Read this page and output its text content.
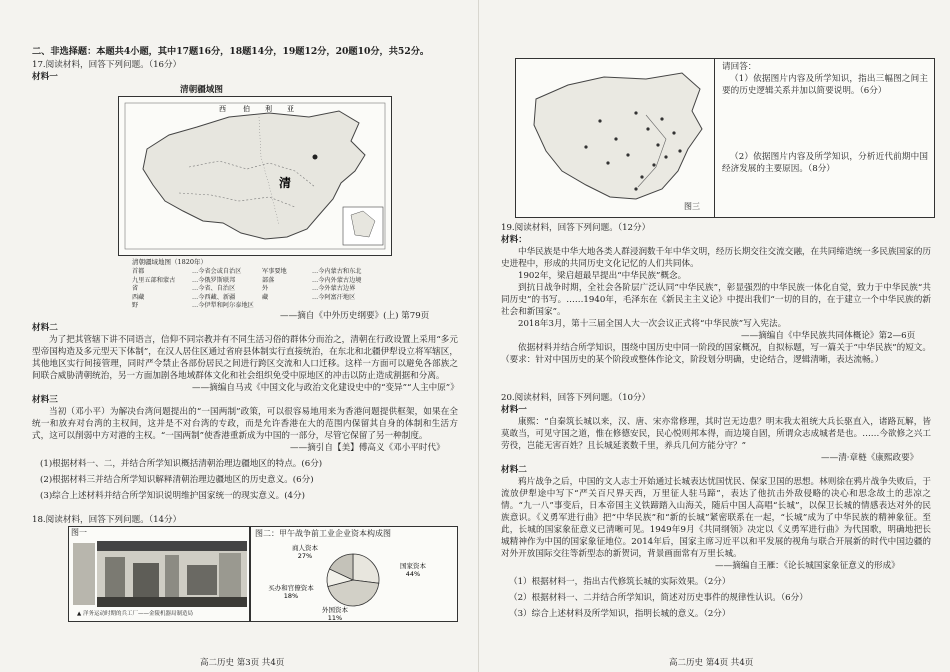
二、非选择题：本题共4小题，其中17题16分，18题14分，19题12分，20题10分，共52分。
17.阅读材料，回答下列问题。（16分）
材料一
西 伯 利 亚
清
清朝疆域图
清朝疆域地图（1820年）
首都	…今省会或自治区	军事要地	…今内蒙古和东北
九里五部和蒙古	…今俄罗斯联邦	部落	…今内外蒙古边境
省	…今省、自治区	外	…今外蒙古边界
西藏	…今西藏、新疆	藏	…今阿富汗地区
野	…今伊犁和阿尔泰地区
——摘自《中外历史纲要》(上) 第79页
材料二
为了把其管辖下讲不同语言，信仰不同宗教并有不同生活习俗的群体分而治之，清朝在行政设置上采用“多元型帝国构造及多元型天下体制”，在汉人居住区通过省府县体制实行直接统治，在东北和北疆伊犁设立将军辖区，其他地区实行间接管理，同时严令禁止各部份居民之间进行跨区交流和人口迁移。这样一方面可以避免各部族之间联合威胁清朝统治，另一方面加剧各地域群体文化和社会组织免受中原地区的冲击以防止造成割据和分离。
——摘编自马戎《中国文化与政治文化建设史中的“变异”“人主中原”》
材料三
当初（邓小平）为解决台湾问题提出的“一国两制”政策，可以很容易地用来为香港问题提供框架，如果在全统一和放弃对台湾的主权间，这并是不对台湾的专政，而是允许香港在大的范围内保留其自身的体制和生活方式，这可以削弱中方对港的主权。“一国两制”使香港重新成为中国的一部分，尽管它保留了另一种制度。
——摘引自【美】傅高义《邓小平时代》
(1)根据材料一、二，并结合所学知识概括清朝治理边疆地区的特点。(6分)
(2)根据材料三并结合所学知识解释清朝治理边疆地区的历史意义。(6分)
(3)综合上述材料并结合所学知识说明维护国家统一的现实意义。(4分)
18.阅读材料，回答下列问题。（14分）
图一
▲ 洋务运动时期的兵工厂——金陵机器局制造局
图二：甲午战争前工业企业资本构成图
商人资本
27%
国家资本
44%
外国资本
11%
买办和官僚资本
18%
高二历史 第3页 共4页
图三
请回答：
（1）依据图片内容及所学知识，指出三幅图之间主要的历史逻辑关系并加以简要说明。（6分）
（2）依据图片内容及所学知识，分析近代前期中国经济发展的主要原因。（8分）
19.阅读材料，回答下列问题。（12分）
材料：
中华民族是中华大地各类人群浸润数千年中华文明，经历长期交往交流交融，在共同缔造统一多民族国家的历史进程中，形成的共同历史文化记忆的人们共同体。
1902年，梁启超最早提出“中华民族”概念。
到抗日战争时期，全社会各阶层广泛认同“中华民族”，彰显强烈的中华民族一体化自觉，致力于中华民族“共同历史”的书写。……1940年，毛泽东在《新民主主义论》中提出我们“一切的目的，在于建立一个中华民族的新社会和新国家”。
2018年3月，第十三届全国人大一次会议正式将“中华民族”写入宪法。
——摘编自《中华民族共同体概论》第2—6页
依据材料并结合所学知识，围绕中国历史中同一阶段的国家概况，自拟标题，写一篇关于“中华民族”的短文。（要求：针对中国历史的某个阶段或整体作论文，阶段划分明确，史论结合，逻辑清晰，表达流畅。）
20.阅读材料，回答下列问题。（10分）
材料一
康熙：“自秦筑长城以来，汉、唐、宋亦常修理，其时岂无边患？明末我太祖统大兵长驱直入，诸路瓦解，皆莫敢当，可见守国之道，惟在修德安民，民心悦则邦本得，而边境自固，所谓众志成城者是也。……今欲修之兴工劳役，岂能无害百姓？且长城延袤数千里，养兵几何方能分守？”
——清·章梿《康熙政要》
材料二
鸦片战争之后，中国的文人志士开始通过长城表达忧国忧民、保家卫国的思想。林则徐在鸦片战争失败后，于流放伊犁途中写下“严关百尺界天西，万里征人驻马蹄”，表达了他抗击外敌侵略的决心和思念故土的悲凉之情。“九一八”事变后，日本帝国主义铁蹄踏入山海关，随后中国人高唱“长城”，以保卫长城的情感表达对外的民族意识。《义勇军进行曲》把“中华民族”和“新的长城”紧密联系在一起，“长城”成为了中华民族的精神象征。至此，长城的国家象征意义已清晰可见。1949年9月《共同纲领》决定以《义勇军进行曲》为代国歌，明确地把长城精神作为中国的国家象征地位。2014年后，国家主席习近平以和平发展的视角与联合开展新的时代中国边疆的对外开放国际交往等新型态的新贺词，背景画面常有万里长城。
——摘编自王雁：《论长城国家象征意义的形成》
（1）根据材料一，指出古代修筑长城的实际效果。（2分）
（2）根据材料一、二并结合所学知识，简述对历史事件的规律性认识。（6分）
（3）综合上述材料及所学知识，指明长城的意义。（2分）
高二历史 第4页 共4页
